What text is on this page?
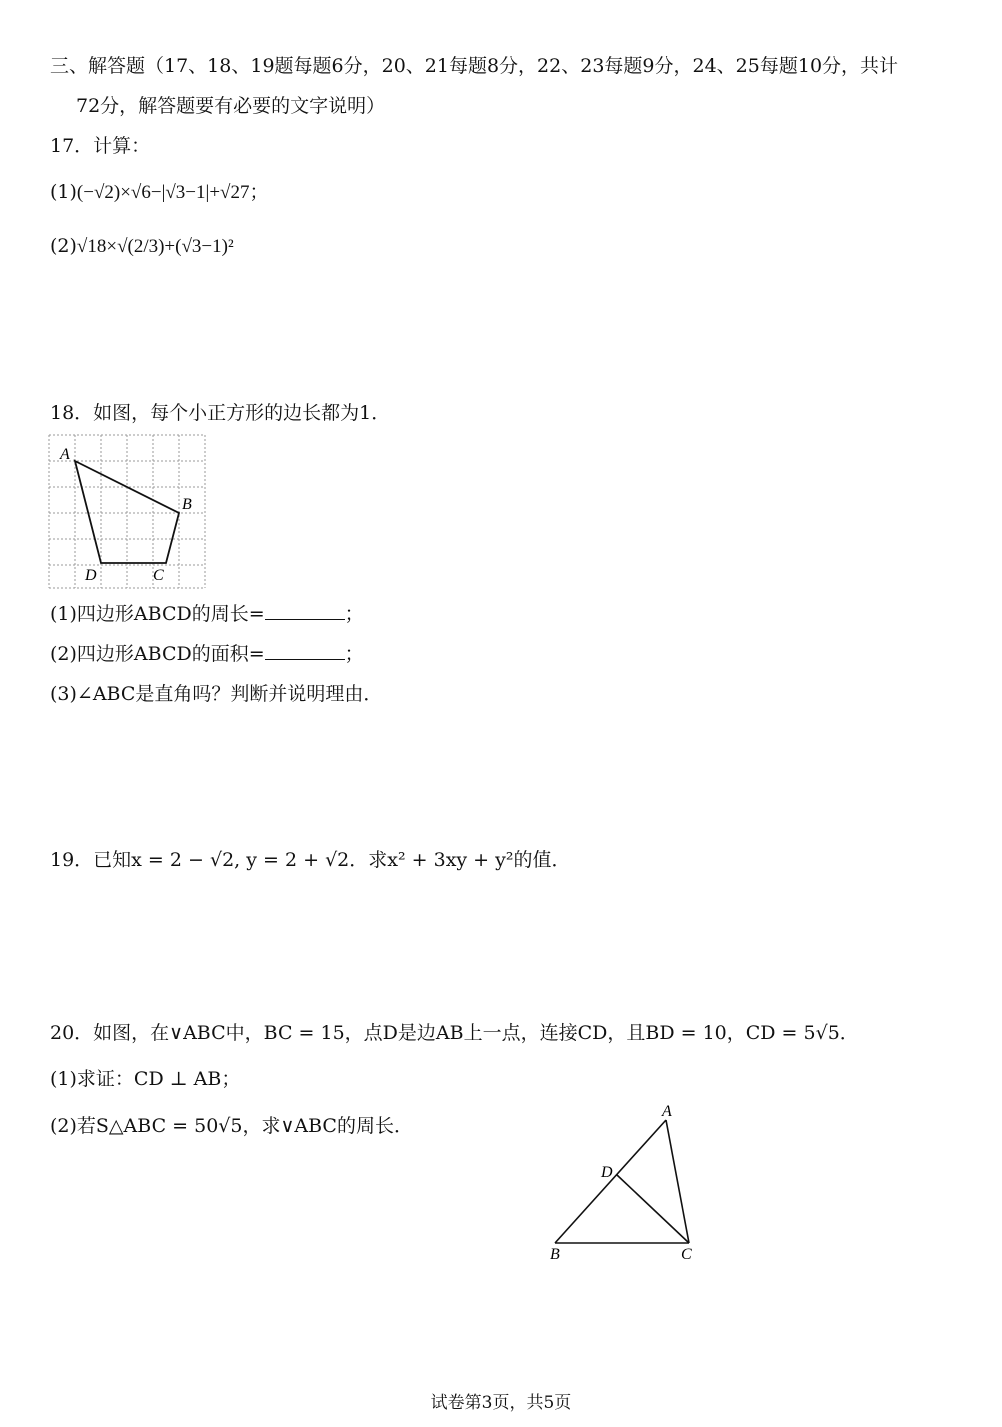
三、解答题（17、18、19题每题6分，20、21每题8分，22、23每题9分，24、25每题10分，共计
72分，解答题要有必要的文字说明）
17．计算：
(1)(−√2)×√6−|√3−1|+√27；
(2)√18×√(2/3)+(√3−1)²
18．如图，每个小正方形的边长都为1．
A
B
C
D
(1)四边形ABCD的周长=	；
(2)四边形ABCD的面积=	；
(3)∠ABC是直角吗？判断并说明理由．
19．已知x = 2 − √2, y = 2 + √2．求x² + 3xy + y²的值．
20．如图，在∨ABC中，BC = 15，点D是边AB上一点，连接CD，且BD = 10，CD = 5√5．
(1)求证：CD ⊥ AB；
(2)若S△ABC = 50√5，求∨ABC的周长．
A
D
B	C
试卷第3页，共5页
